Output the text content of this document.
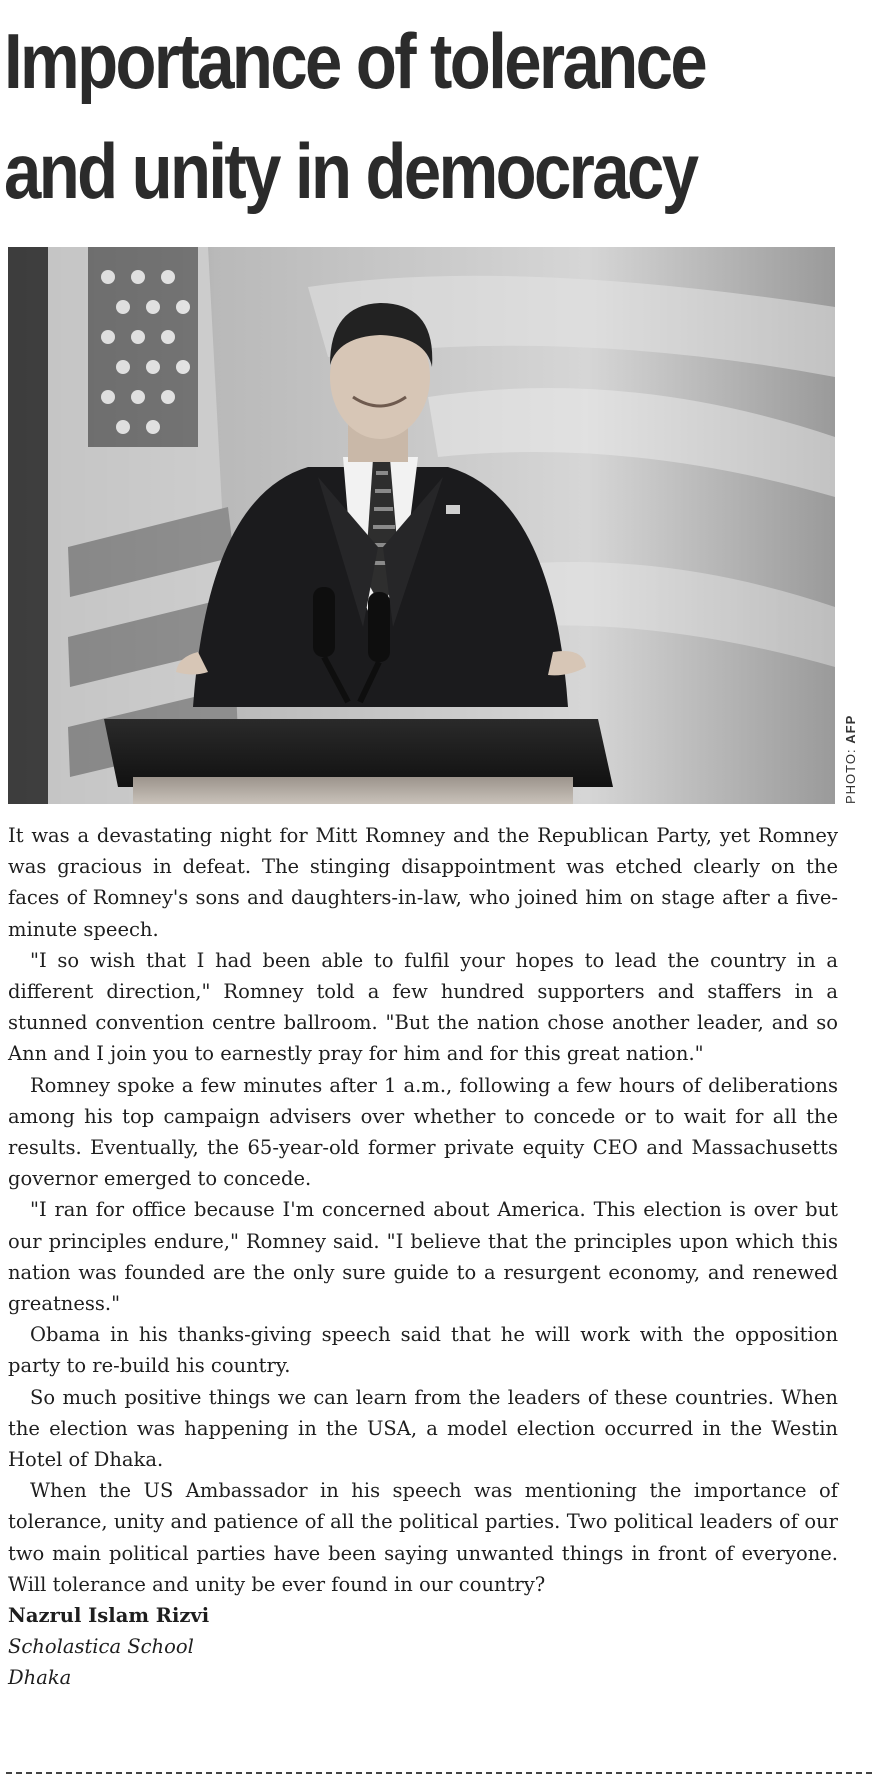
Importance of tolerance
and unity in democracy
PHOTO: AFP

It was a devastating night for Mitt Romney and the Republican Party, yet Romney was gracious in defeat. The stinging disappointment was etched clearly on the faces of Romney's sons and daughters-in-law, who joined him on stage after a five-minute speech.

"I so wish that I had been able to fulfil your hopes to lead the country in a different direction," Romney told a few hundred supporters and staffers in a stunned convention centre ballroom. "But the nation chose another leader, and so Ann and I join you to earnestly pray for him and for this great nation."

Romney spoke a few minutes after 1 a.m., following a few hours of deliberations among his top campaign advisers over whether to concede or to wait for all the results. Eventually, the 65-year-old former private equity CEO and Massachusetts governor emerged to concede.

"I ran for office because I'm concerned about America. This election is over but our principles endure," Romney said. "I believe that the principles upon which this nation was founded are the only sure guide to a resurgent economy, and renewed greatness."

Obama in his thanks-giving speech said that he will work with the opposition party to re-build his country.

So much positive things we can learn from the leaders of these countries. When the election was happening in the USA, a model election occurred in the Westin Hotel of Dhaka.

When the US Ambassador in his speech was mentioning the importance of tolerance, unity and patience of all the political parties. Two political leaders of our two main political parties have been saying unwanted things in front of everyone. Will tolerance and unity be ever found in our country?

Nazrul Islam Rizvi
Scholastica School
Dhaka
